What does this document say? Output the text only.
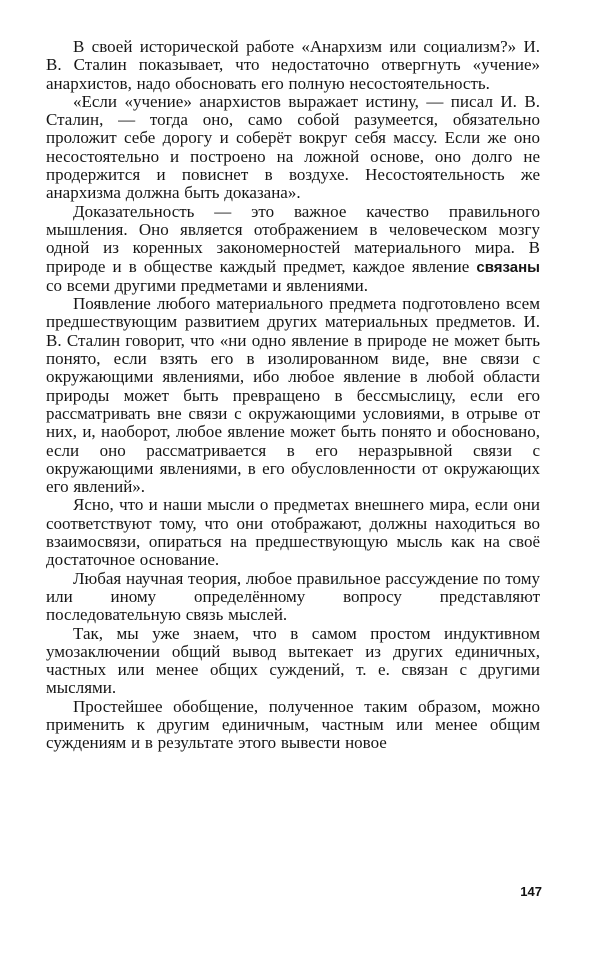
В своей исторической работе «Анархизм или социализм?» И. В. Сталин показывает, что недостаточно отвергнуть «учение» анархистов, надо обосновать его полную несостоятельность.

«Если «учение» анархистов выражает истину, — писал И. В. Сталин, — тогда оно, само собой разумеется, обязательно проложит себе дорогу и соберёт вокруг себя массу. Если же оно несостоятельно и построено на ложной основе, оно долго не продержится и повиснет в воздухе. Несостоятельность же анархизма должна быть доказана».

Доказательность — это важное качество правильного мышления. Оно является отображением в человеческом мозгу одной из коренных закономерностей материального мира. В природе и в обществе каждый предмет, каждое явление связаны со всеми другими предметами и явлениями.

Появление любого материального предмета подготовлено всем предшествующим развитием других материальных предметов. И. В. Сталин говорит, что «ни одно явление в природе не может быть понято, если взять его в изолированном виде, вне связи с окружающими явлениями, ибо любое явление в любой области природы может быть превращено в бессмыслицу, если его рассматривать вне связи с окружающими условиями, в отрыве от них, и, наоборот, любое явление может быть понято и обосновано, если оно рассматривается в его неразрывной связи с окружающими явлениями, в его обусловленности от окружающих его явлений».

Ясно, что и наши мысли о предметах внешнего мира, если они соответствуют тому, что они отображают, должны находиться во взаимосвязи, опираться на предшествующую мысль как на своё достаточное основание.

Любая научная теория, любое правильное рассуждение по тому или иному определённому вопросу представляют последовательную связь мыслей.

Так, мы уже знаем, что в самом простом индуктивном умозаключении общий вывод вытекает из других единичных, частных или менее общих суждений, т. е. связан с другими мыслями.

Простейшее обобщение, полученное таким образом, можно применить к другим единичным, частным или менее общим суждениям и в результате этого вывести новое

147
